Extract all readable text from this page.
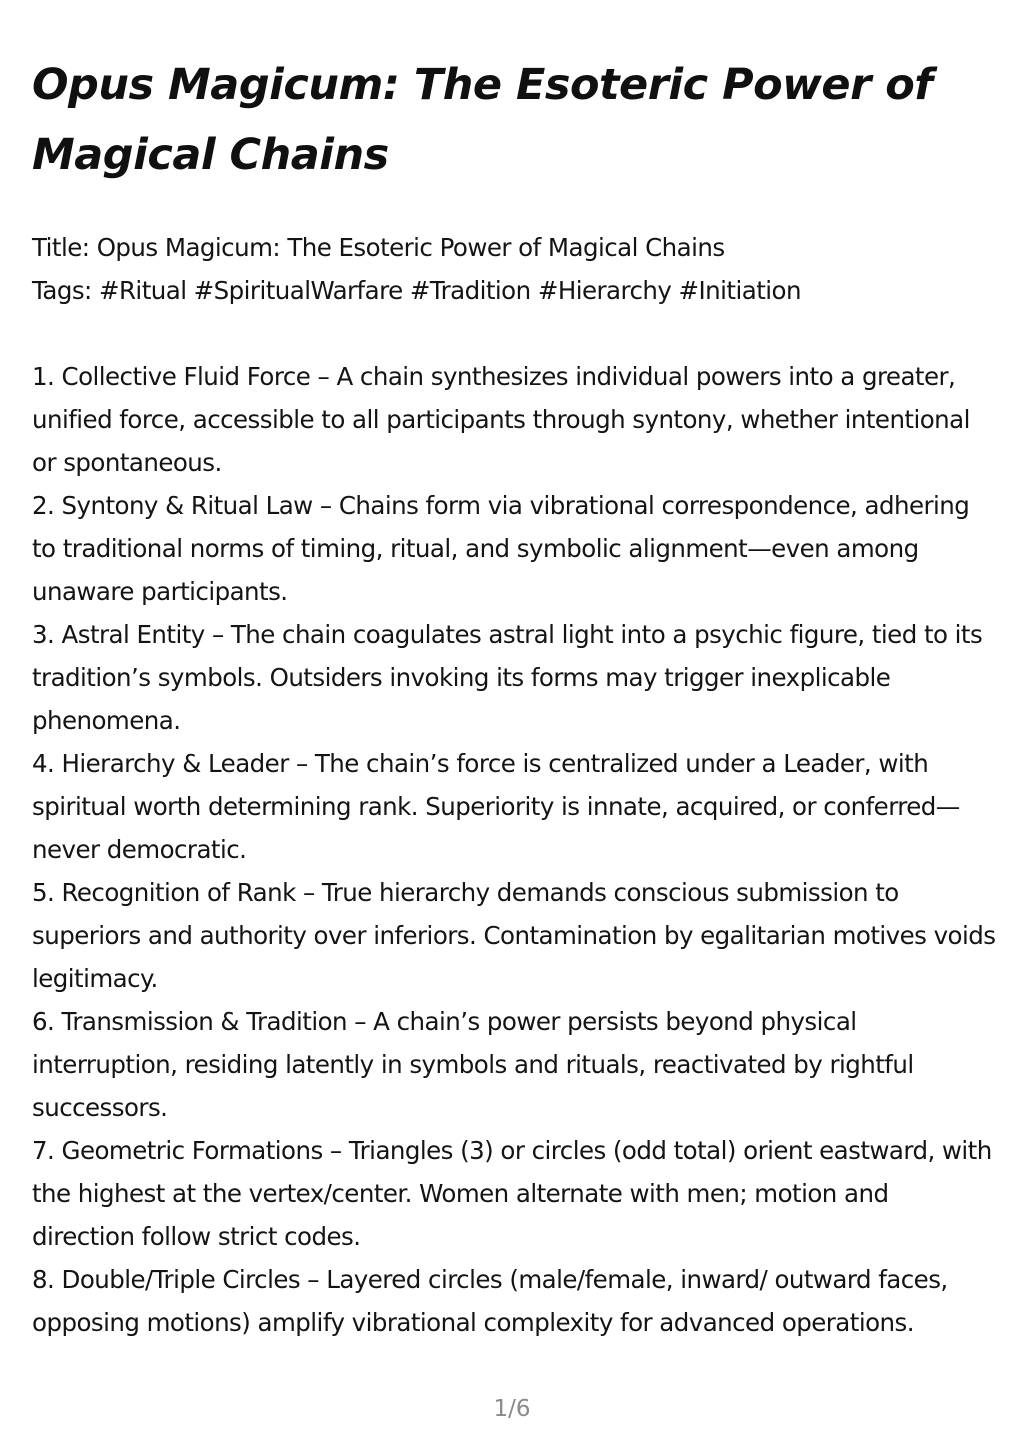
Opus Magicum: The Esoteric Power of Magical Chains
Title: Opus Magicum: The Esoteric Power of Magical Chains
Tags: #Ritual #SpiritualWarfare #Tradition #Hierarchy #Initiation
1. Collective Fluid Force – A chain synthesizes individual powers into a greater, unified force, accessible to all participants through syntony, whether intentional or spontaneous.
2. Syntony & Ritual Law – Chains form via vibrational correspondence, adhering to traditional norms of timing, ritual, and symbolic alignment—even among unaware participants.
3. Astral Entity – The chain coagulates astral light into a psychic figure, tied to its tradition’s symbols. Outsiders invoking its forms may trigger inexplicable phenomena.
4. Hierarchy & Leader – The chain’s force is centralized under a Leader, with spiritual worth determining rank. Superiority is innate, acquired, or conferred—never democratic.
5. Recognition of Rank – True hierarchy demands conscious submission to superiors and authority over inferiors. Contamination by egalitarian motives voids legitimacy.
6. Transmission & Tradition – A chain’s power persists beyond physical interruption, residing latently in symbols and rituals, reactivated by rightful successors.
7. Geometric Formations – Triangles (3) or circles (odd total) orient eastward, with the highest at the vertex/center. Women alternate with men; motion and direction follow strict codes.
8. Double/Triple Circles – Layered circles (male/female, inward/ outward faces, opposing motions) amplify vibrational complexity for advanced operations.
1/6
